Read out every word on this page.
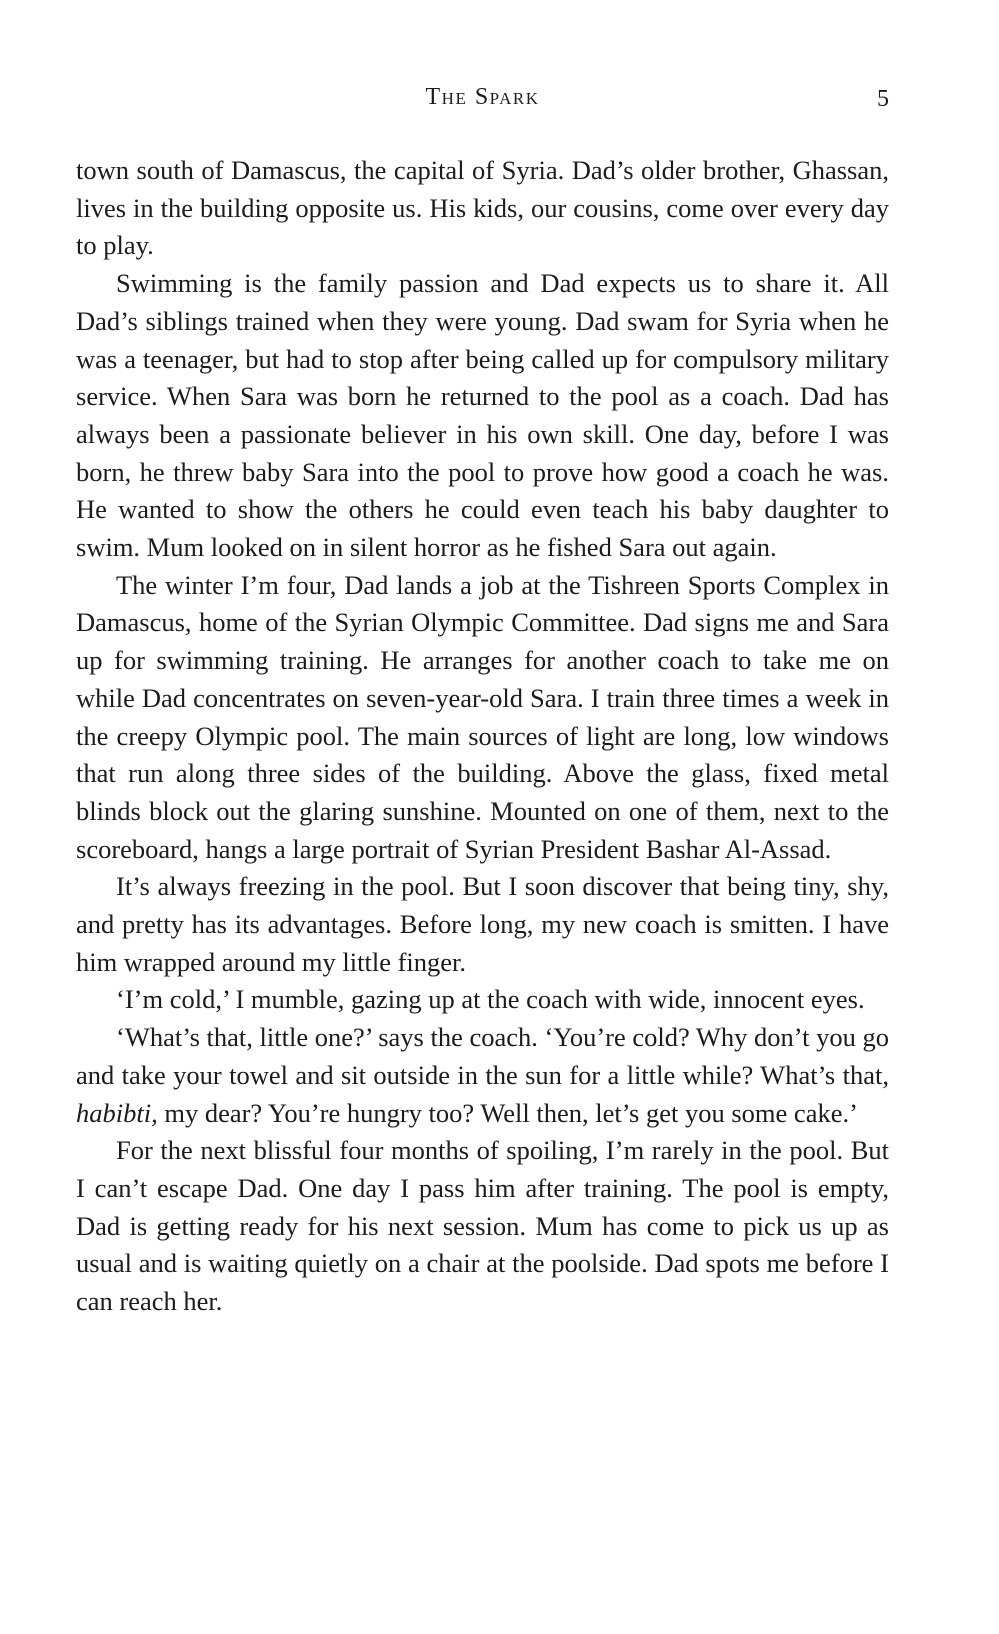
The Spark	5

town south of Damascus, the capital of Syria. Dad’s older brother, Ghassan, lives in the building opposite us. His kids, our cousins, come over every day to play.

Swimming is the family passion and Dad expects us to share it. All Dad’s siblings trained when they were young. Dad swam for Syria when he was a teenager, but had to stop after being called up for compulsory military service. When Sara was born he returned to the pool as a coach. Dad has always been a passionate believer in his own skill. One day, before I was born, he threw baby Sara into the pool to prove how good a coach he was. He wanted to show the others he could even teach his baby daughter to swim. Mum looked on in silent horror as he fished Sara out again.

The winter I’m four, Dad lands a job at the Tishreen Sports Complex in Damascus, home of the Syrian Olympic Committee. Dad signs me and Sara up for swimming training. He arranges for another coach to take me on while Dad concentrates on seven-year-old Sara. I train three times a week in the creepy Olympic pool. The main sources of light are long, low windows that run along three sides of the building. Above the glass, fixed metal blinds block out the glaring sunshine. Mounted on one of them, next to the scoreboard, hangs a large portrait of Syrian President Bashar Al-Assad.

It’s always freezing in the pool. But I soon discover that being tiny, shy, and pretty has its advantages. Before long, my new coach is smitten. I have him wrapped around my little finger.

‘I’m cold,’ I mumble, gazing up at the coach with wide, innocent eyes.

‘What’s that, little one?’ says the coach. ‘You’re cold? Why don’t you go and take your towel and sit outside in the sun for a little while? What’s that, habibti, my dear? You’re hungry too? Well then, let’s get you some cake.’

For the next blissful four months of spoiling, I’m rarely in the pool. But I can’t escape Dad. One day I pass him after training. The pool is empty, Dad is getting ready for his next session. Mum has come to pick us up as usual and is waiting quietly on a chair at the poolside. Dad spots me before I can reach her.
